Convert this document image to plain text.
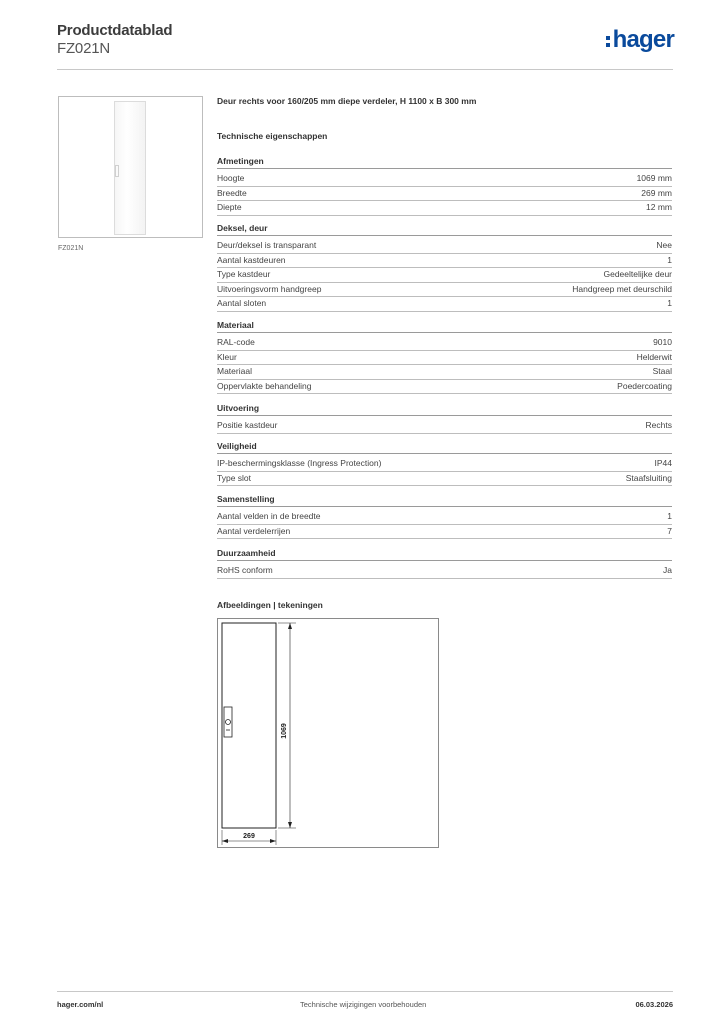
Productdatablad
FZ021N	hager
FZ021N
Deur rechts voor 160/205 mm diepe verdeler, H 1100 x B 300 mm
Technische eigenschappen
Afmetingen
Hoogte	1069 mm
Breedte	269 mm
Diepte	12 mm
Deksel, deur
Deur/deksel is transparant	Nee
Aantal kastdeuren	1
Type kastdeur	Gedeeltelijke deur
Uitvoeringsvorm handgreep	Handgreep met deurschild
Aantal sloten	1
Materiaal
RAL-code	9010
Kleur	Helderwit
Materiaal	Staal
Oppervlakte behandeling	Poedercoating
Uitvoering
Positie kastdeur	Rechts
Veiligheid
IP-beschermingsklasse (Ingress Protection)	IP44
Type slot	Staafsluiting
Samenstelling
Aantal velden in de breedte	1
Aantal verdelerrijen	7
Duurzaamheid
RoHS conform	Ja
Afbeeldingen | tekeningen
1069
269
hager.com/nl	Technische wijzigingen voorbehouden	06.03.2026
